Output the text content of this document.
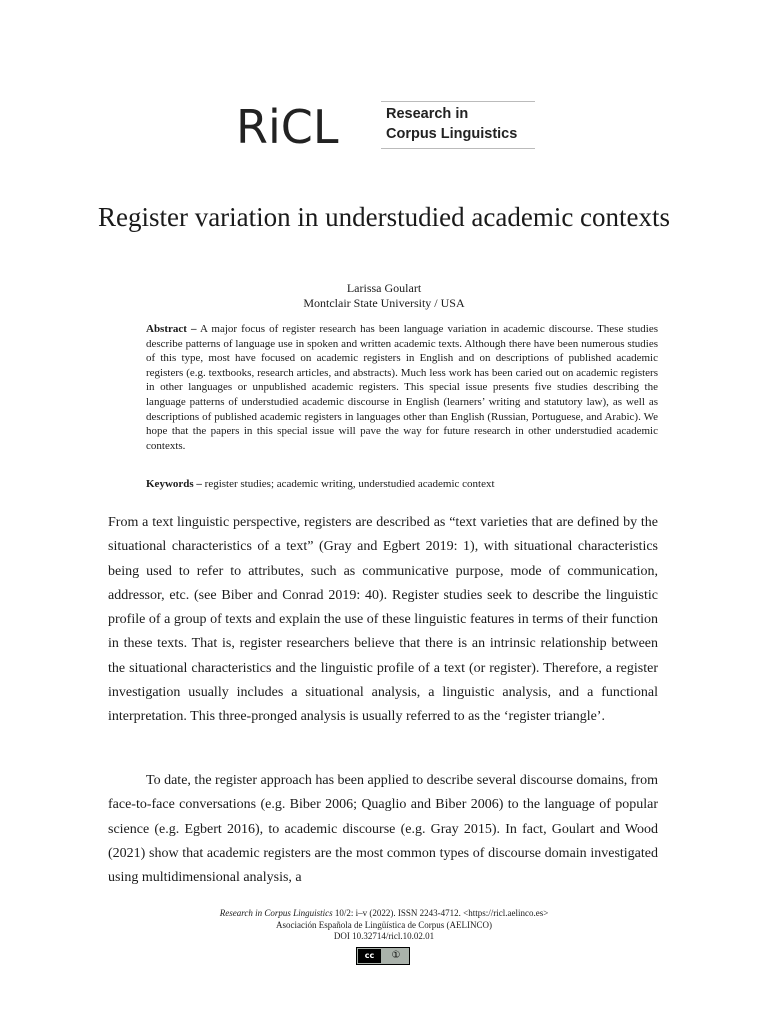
RiCL	Research in
Corpus Linguistics
Register variation in understudied academic contexts
Larissa Goulart
Montclair State University / USA

Abstract – A major focus of register research has been language variation in academic discourse. These studies describe patterns of language use in spoken and written academic texts. Although there have been numerous studies of this type, most have focused on academic registers in English and on descriptions of published academic registers (e.g. textbooks, research articles, and abstracts). Much less work has been caried out on academic registers in other languages or unpublished academic registers. This special issue presents five studies describing the language patterns of understudied academic discourse in English (learners’ writing and statutory law), as well as descriptions of published academic registers in languages other than English (Russian, Portuguese, and Arabic). We hope that the papers in this special issue will pave the way for future research in other understudied academic contexts.

Keywords – register studies; academic writing, understudied academic context

From a text linguistic perspective, registers are described as “text varieties that are defined by the situational characteristics of a text” (Gray and Egbert 2019: 1), with situational characteristics being used to refer to attributes, such as communicative purpose, mode of communication, addressor, etc. (see Biber and Conrad 2019: 40). Register studies seek to describe the linguistic profile of a group of texts and explain the use of these linguistic features in terms of their function in these texts. That is, register researchers believe that there is an intrinsic relationship between the situational characteristics and the linguistic profile of a text (or register). Therefore, a register investigation usually includes a situational analysis, a linguistic analysis, and a functional interpretation. This three-pronged analysis is usually referred to as the ‘register triangle’.

To date, the register approach has been applied to describe several discourse domains, from face-to-face conversations (e.g. Biber 2006; Quaglio and Biber 2006) to the language of popular science (e.g. Egbert 2016), to academic discourse (e.g. Gray 2015). In fact, Goulart and Wood (2021) show that academic registers are the most common types of discourse domain investigated using multidimensional analysis, a

Research in Corpus Linguistics 10/2: i–v (2022). ISSN 2243-4712. <https://ricl.aelinco.es>
Asociación Española de Lingüística de Corpus (AELINCO)
DOI 10.32714/ricl.10.02.01
cc	①
